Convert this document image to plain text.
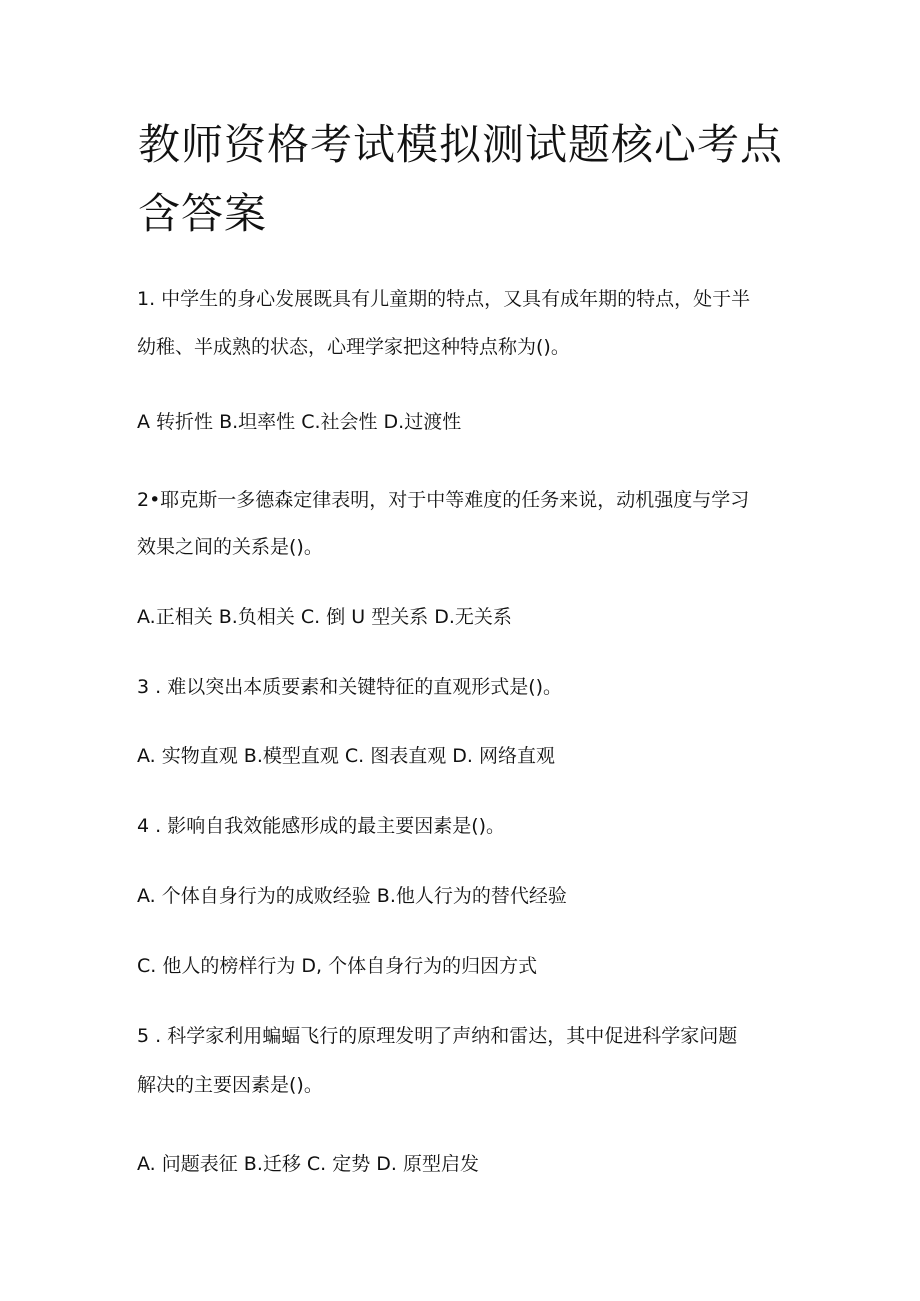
教师资格考试模拟测试题核心考点
含答案
1. 中学生的身心发展既具有儿童期的特点，又具有成年期的特点，处于半
幼稚、半成熟的状态，心理学家把这种特点称为()。
A 转折性 B.坦率性 C.社会性 D.过渡性
2•耶克斯一多德森定律表明，对于中等难度的任务来说，动机强度与学习
效果之间的关系是()。
A.正相关 B.负相关 C. 倒 U 型关系 D.无关系
3 . 难以突出本质要素和关键特征的直观形式是()。
A. 实物直观 B.模型直观 C. 图表直观 D. 网络直观
4 . 影响自我效能感形成的最主要因素是()。
A. 个体自身行为的成败经验 B.他人行为的替代经验
C. 他人的榜样行为 D, 个体自身行为的归因方式
5 . 科学家利用蝙蝠飞行的原理发明了声纳和雷达，其中促进科学家问题
解决的主要因素是()。
A. 问题表征 B.迁移 C. 定势 D. 原型启发
